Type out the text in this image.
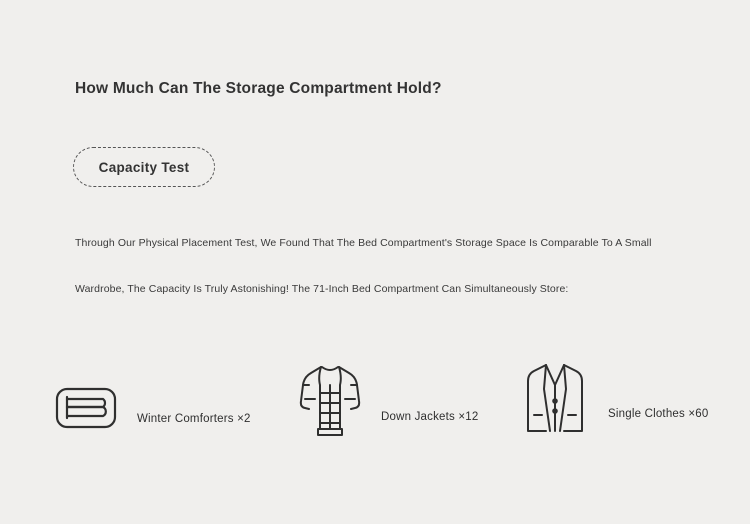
How Much Can The Storage Compartment Hold?
Capacity Test
Through Our Physical Placement Test, We Found That The Bed Compartment's Storage Space Is Comparable To A Small
Wardrobe, The Capacity Is Truly Astonishing! The 71-Inch Bed Compartment Can Simultaneously Store:
Winter Comforters ×2	Down Jackets ×12	Single Clothes ×60
